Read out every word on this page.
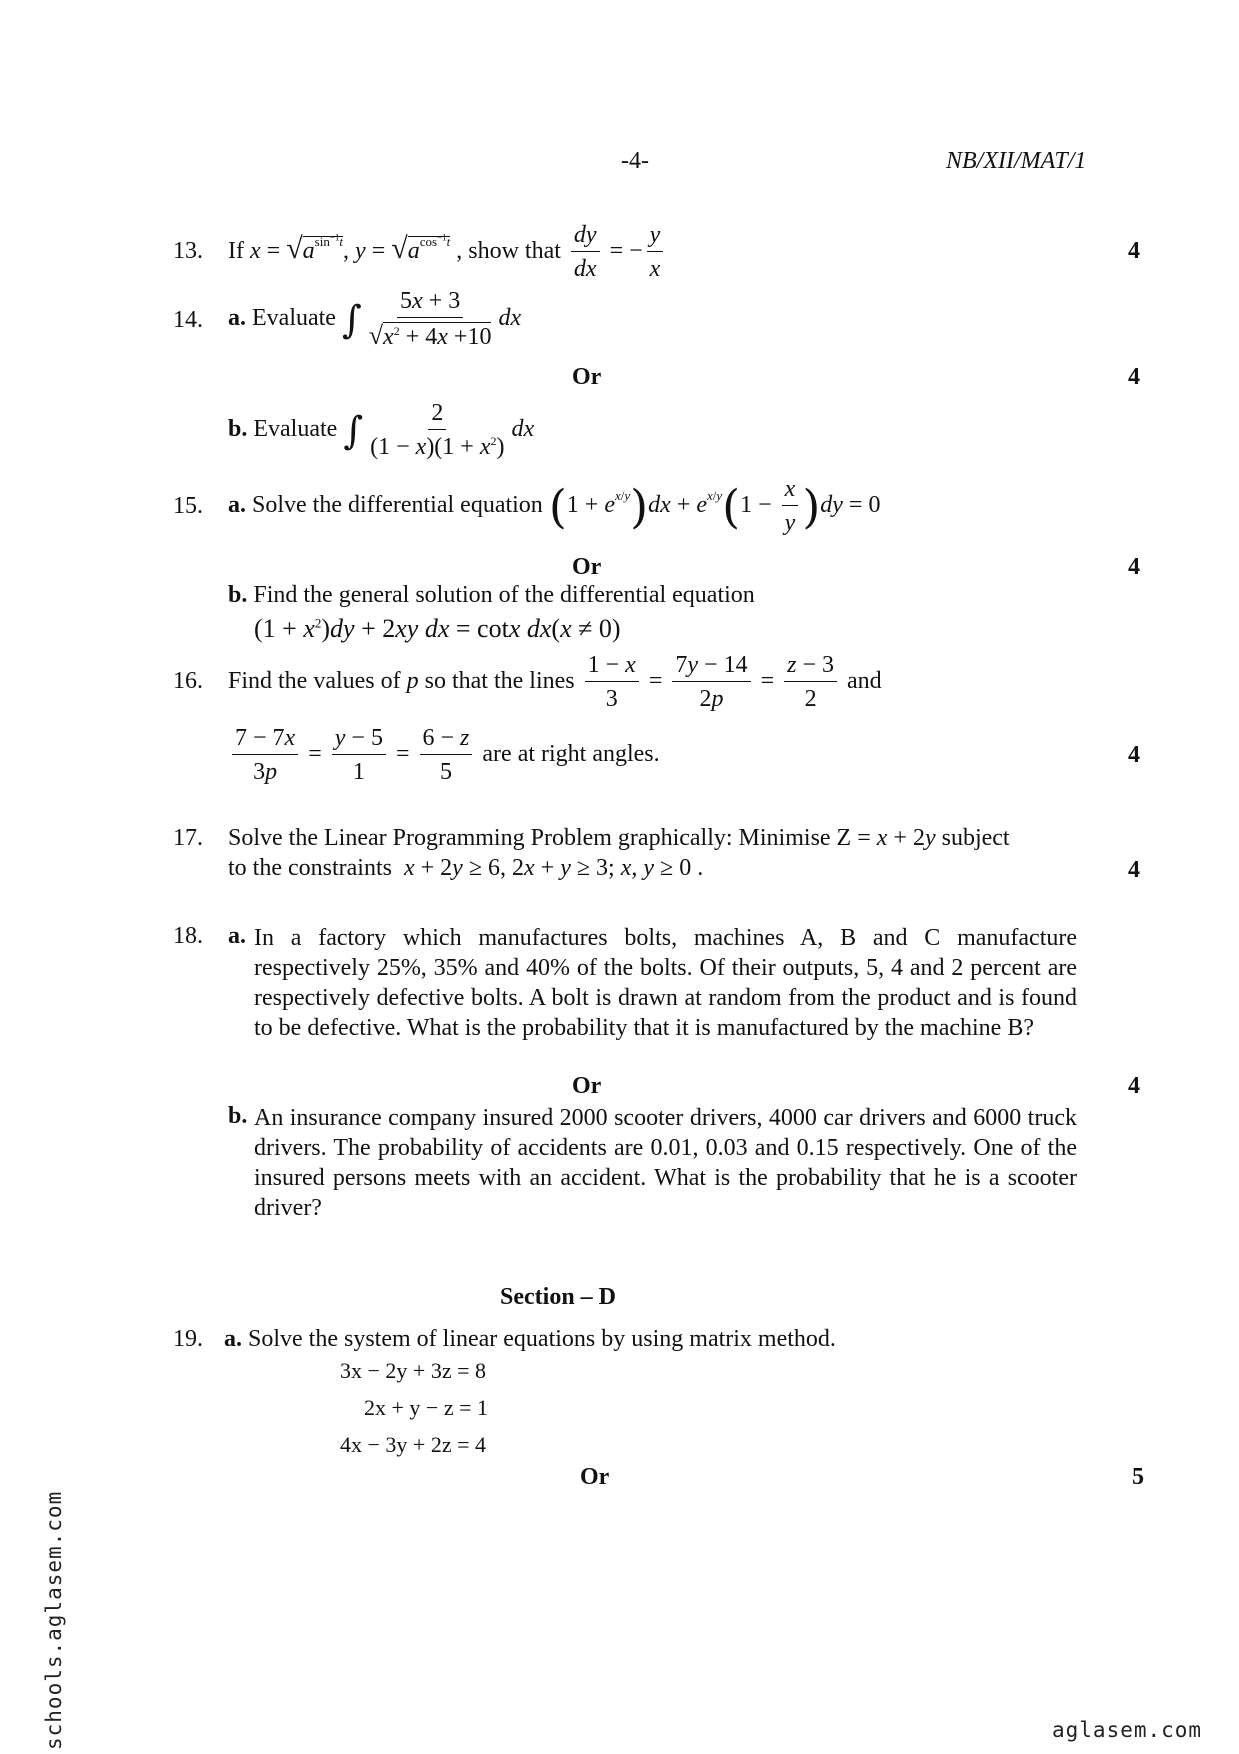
-4-	NB/XII/MAT/1
13. If $x = √a^{sin^{-1}t}$, $y = √a^{cos^{-1}t}$ , show that $\frac{dy}{dx}$ = − $\frac{y}{x}$	4
14. a. Evaluate ∫ $\frac{5x + 3}{√x^2 + 4x +10}$ dx
Or	4
b. Evaluate ∫ $\frac{2}{(1 - x)(1 + x^2)}$ dx
15. a. Solve the differential equation $(1 + e^{x/y})dx + e^{x/y}(1 - \frac{x}{y} )dy = 0$
Or	4
b. Find the general solution of the differential equation
$(1 + x^2)dy + 2xy$ dx = cotx dx(x ≠ 0)
16. Find the values of p so that the lines $\frac{1 - x}{3} = \frac{7y - 14}{2p} = \frac{z - 3}{2}$ and
$\frac{7 - 7x}{3p} = \frac{y - 5}{1} = \frac{6 - z}{5}$ are at right angles.	4
17. Solve the Linear Programming Problem graphically: Minimise Z = x + 2y subject
to the constraints x + 2y ≥ 6, 2x + y ≥ 3; x, y ≥ 0 .	4
18. a. In a factory which manufactures bolts, machines A, B and C manufacture respectively 25%, 35% and 40% of the bolts. Of their outputs, 5, 4 and 2 percent are respectively defective bolts. A bolt is drawn at random from the product and is found to be defective. What is the probability that it is manufactured by the machine B?
Or	4
b. An insurance company insured 2000 scooter drivers, 4000 car drivers and 6000 truck drivers. The probability of accidents are 0.01, 0.03 and 0.15 respectively. One of the insured persons meets with an accident. What is the probability that he is a scooter driver?
Section – D
19. a. Solve the system of linear equations by using matrix method.
3x − 2y + 3z = 8
2x + y − z = 1
4x − 3y + 2z = 4
Or	5
schools.aglasem.com	aglasem.com
